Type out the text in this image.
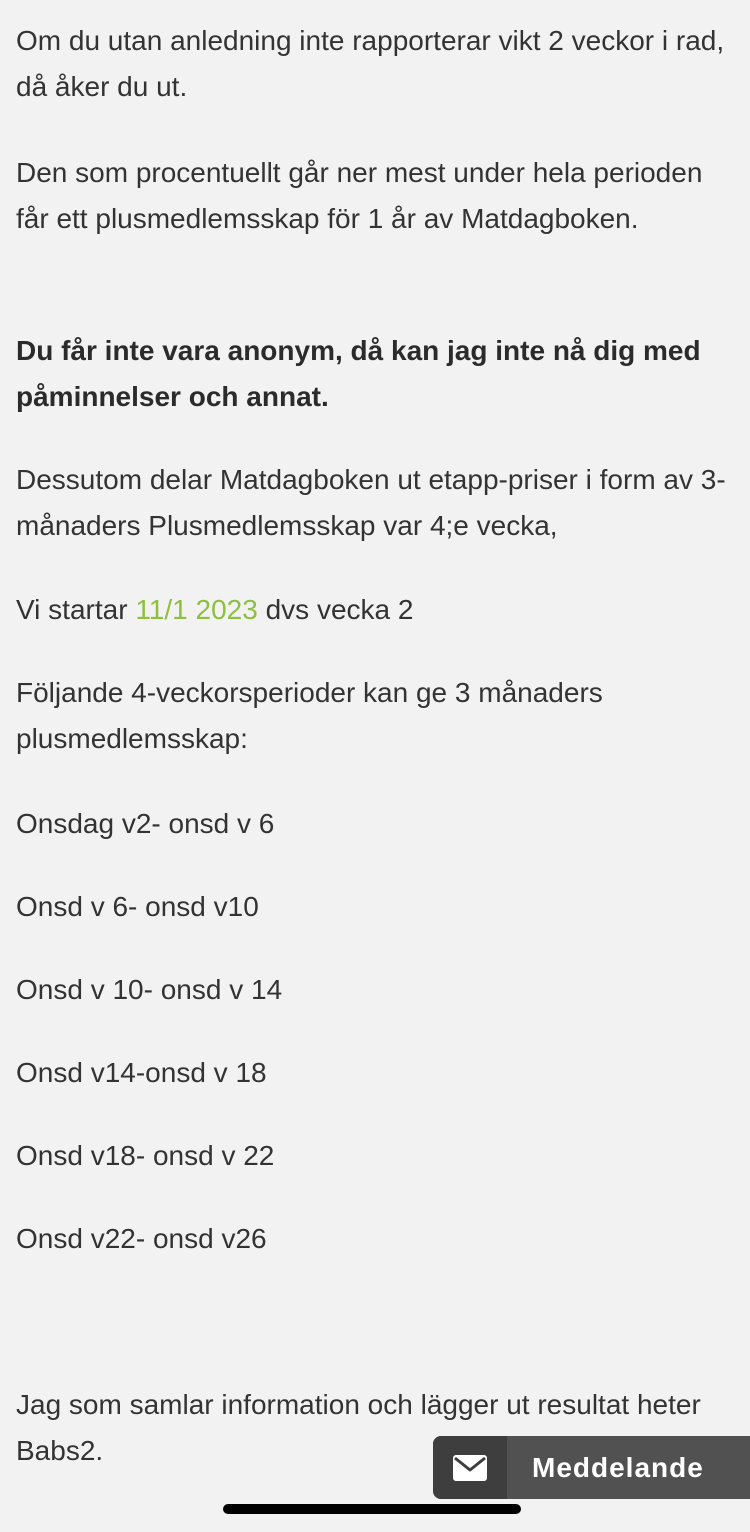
Om du utan anledning inte rapporterar vikt 2 veckor i rad, då åker du ut.

Den som procentuellt går ner mest under hela perioden får ett plusmedlemsskap för 1 år av Matdagboken.

Du får inte vara anonym, då kan jag inte nå dig med påminnelser och annat.

Dessutom delar Matdagboken ut etapp-priser i form av 3-månaders Plusmedlemsskap var 4;e vecka,

Vi startar 11/1 2023 dvs vecka 2

Följande 4-veckorsperioder kan ge 3 månaders plusmedlemsskap:

Onsdag v2- onsd v 6

Onsd v 6- onsd v10

Onsd v 10- onsd v 14

Onsd v14-onsd v 18

Onsd v18- onsd v 22

Onsd v22- onsd v26

Jag som samlar information och lägger ut resultat heter Babs2.

Meddelande
